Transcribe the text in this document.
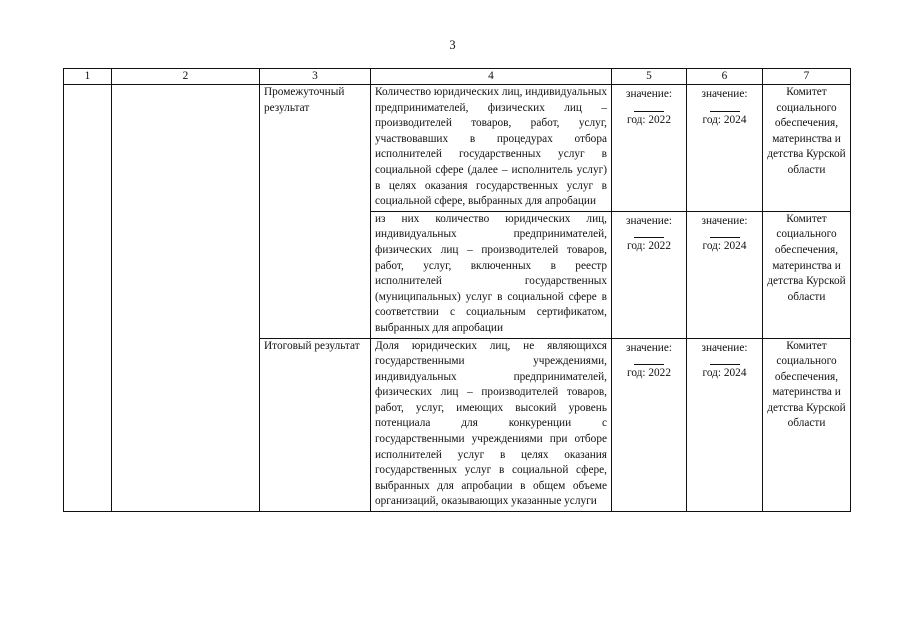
3
1	2	3	4	5	6	7
		Промежуточный результат	Количество юридических лиц, индивидуальных предпринимателей, физических лиц – производителей товаров, работ, услуг, участвовавших в процедурах отбора исполнителей государственных услуг в социальной сфере (далее – исполнитель услуг) в целях оказания государственных услуг в социальной сфере, выбранных для апробации	значение:
год: 2022	значение:
год: 2024	Комитет социального обеспечения, материнства и детства Курской области
			из них количество юридических лиц, индивидуальных предпринимателей, физических лиц – производителей товаров, работ, услуг, включенных в реестр исполнителей государственных (муниципальных) услуг в социальной сфере в соответствии с социальным сертификатом, выбранных для апробации	значение:
год: 2022	значение:
год: 2024	Комитет социального обеспечения, материнства и детства Курской области
		Итоговый результат	Доля юридических лиц, не являющихся государственными учреждениями, индивидуальных предпринимателей, физических лиц – производителей товаров, работ, услуг, имеющих высокий уровень потенциала для конкуренции с государственными учреждениями при отборе исполнителей услуг в целях оказания государственных услуг в социальной сфере, выбранных для апробации в общем объеме организаций, оказывающих указанные услуги	значение:
год: 2022	значение:
год: 2024	Комитет социального обеспечения, материнства и детства Курской области
